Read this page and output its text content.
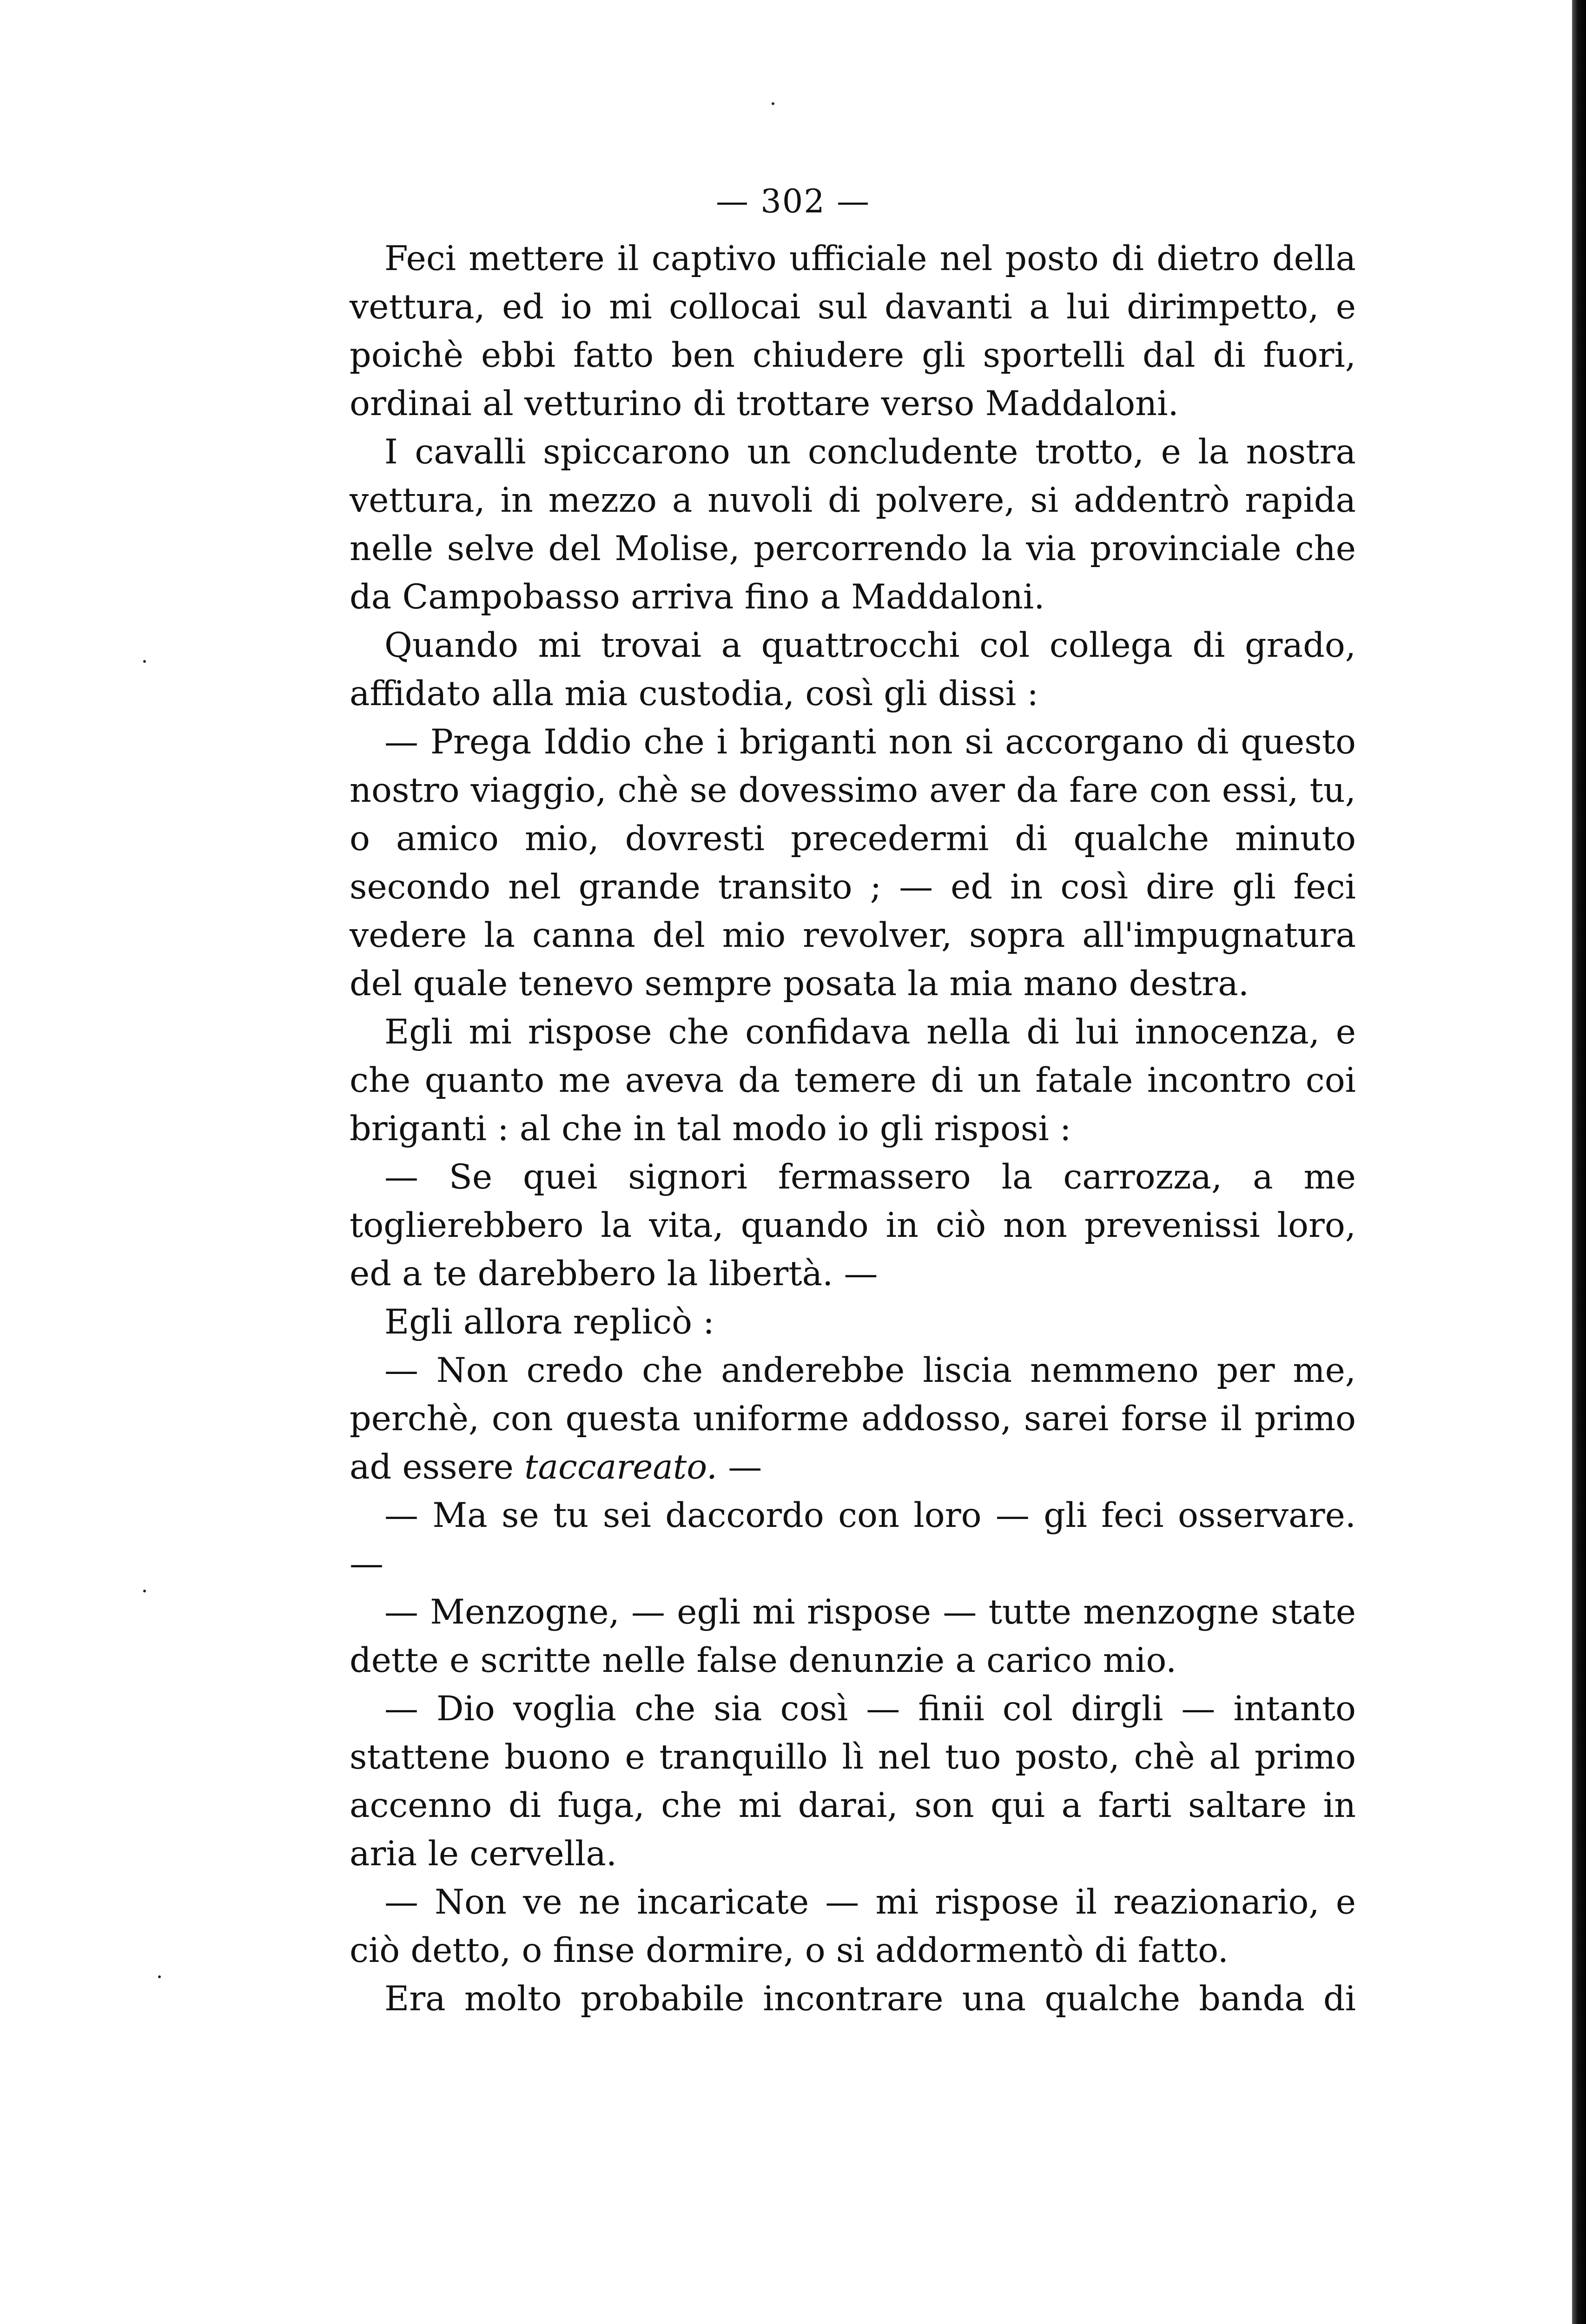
— 302 —

Feci mettere il captivo ufficiale nel posto di dietro della vettura, ed io mi collocai sul davanti a lui dirimpetto, e poichè ebbi fatto ben chiudere gli sportelli dal di fuori, ordinai al vetturino di trottare verso Maddaloni.

I cavalli spiccarono un concludente trotto, e la nostra vettura, in mezzo a nuvoli di polvere, si addentrò rapida nelle selve del Molise, percorrendo la via provinciale che da Campobasso arriva fino a Maddaloni.

Quando mi trovai a quattrocchi col collega di grado, affidato alla mia custodia, così gli dissi :

— Prega Iddio che i briganti non si accorgano di questo nostro viaggio, chè se dovessimo aver da fare con essi, tu, o amico mio, dovresti precedermi di qualche minuto secondo nel grande transito ; — ed in così dire gli feci vedere la canna del mio revolver, sopra all'impugnatura del quale tenevo sempre posata la mia mano destra.

Egli mi rispose che confidava nella di lui innocenza, e che quanto me aveva da temere di un fatale incontro coi briganti : al che in tal modo io gli risposi :

— Se quei signori fermassero la carrozza, a me toglierebbero la vita, quando in ciò non prevenissi loro, ed a te darebbero la libertà. —

Egli allora replicò :

— Non credo che anderebbe liscia nemmeno per me, perchè, con questa uniforme addosso, sarei forse il primo ad essere taccareato. —

— Ma se tu sei daccordo con loro — gli feci osservare. —

— Menzogne, — egli mi rispose — tutte menzogne state dette e scritte nelle false denunzie a carico mio.

— Dio voglia che sia così — finii col dirgli — intanto stattene buono e tranquillo lì nel tuo posto, chè al primo accenno di fuga, che mi darai, son qui a farti saltare in aria le cervella.

— Non ve ne incaricate — mi rispose il reazionario, e ciò detto, o finse dormire, o si addormentò di fatto.

Era molto probabile incontrare una qualche banda di
